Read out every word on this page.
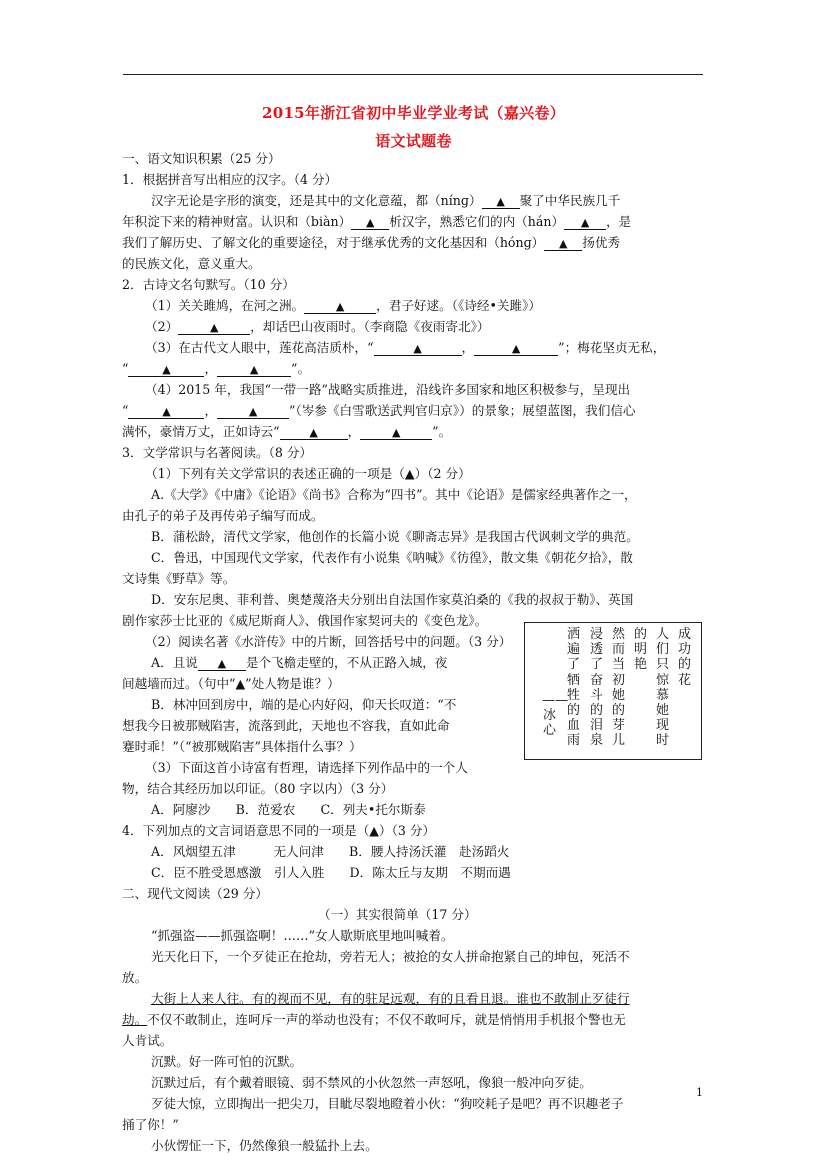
2015年浙江省初中毕业学业考试（嘉兴卷）
语文试题卷
一、语文知识积累（25 分）
1．根据拼音写出相应的汉字。（4 分）
汉字无论是字形的演变，还是其中的文化意蕴，都（nínɡ） ▲ 聚了中华民族几千
年积淀下来的精神财富。认识和（biàn） ▲ 析汉字，熟悉它们的内（hán） ▲ ，是
我们了解历史、了解文化的重要途径，对于继承优秀的文化基因和（hónɡ） ▲ 扬优秀
的民族文化，意义重大。
2．古诗文名句默写。（10 分）
（1）关关雎鸠，在河之洲。	▲	，君子好逑。（《诗经•关雎》）
（2）	▲	，却话巴山夜雨时。（李商隐《夜雨寄北》）
（3）在古代文人眼中，莲花高洁质朴，“	▲	，	▲	”；梅花坚贞无私，
“	▲	，	▲	”。
（4）2015 年，我国“一带一路”战略实质推进，沿线许多国家和地区积极参与，呈现出
“	▲	，	▲	”（岑参《白雪歌送武判官归京》）的景象；展望蓝图，我们信心
满怀，豪情万丈，正如诗云“	▲ ，	▲	”。
3．文学常识与名著阅读。（8 分）
（1）下列有关文学常识的表述正确的一项是（▲）（2 分）
A.《大学》《中庸》《论语》《尚书》合称为“四书”。其中《论语》是儒家经典著作之一，
由孔子的弟子及再传弟子编写而成。
B．蒲松龄，清代文学家，他创作的长篇小说《聊斋志异》是我国古代讽刺文学的典范。
C．鲁迅，中国现代文学家，代表作有小说集《呐喊》《彷徨》，散文集《朝花夕拾》，散
文诗集《野草》等。
D．安东尼奥、菲利普、奥楚蔑洛夫分别出自法国作家莫泊桑的《我的叔叔于勒》、英国
剧作家莎士比亚的《威尼斯商人》、俄国作家契诃夫的《变色龙》。
（2）阅读名著《水浒传》中的片断，回答括号中的问题。（3 分）
A．且说 ▲ 是个飞檐走壁的，不从正路入城，夜
间越墙而过。（句中“▲”处人物是谁？）
B．林冲回到房中，端的是心内好闷，仰天长叹道：“不
想我今日被那贼陷害，流落到此，天地也不容我，直如此命
蹇时乖！”（“被那贼陷害”具体指什么事？）
（3）下面这首小诗富有哲理，请选择下列作品中的一个人
物，结合其经历加以印证。（80 字以内）（3 分）
A．阿廖沙　　B．范爱农　　C．列夫•托尔斯泰
4．下列加点的文言词语意思不同的一项是（▲）（3 分）
A．风烟望五津　　　无人问津　　B．腰人持汤沃灌　赴汤蹈火
C．臣不胜受恩感激　引人入胜　　D．陈太丘与友期　不期而遇
二、现代文阅读（29 分）
（一）其实很简单（17 分）
“抓强盗——抓强盗啊！……”女人歇斯底里地叫喊着。
光天化日下，一个歹徒正在抢劫，旁若无人；被抢的女人拼命抱紧自己的坤包，死活不
放。
大街上人来人往。有的视而不见，有的驻足远观，有的且看且退。谁也不敢制止歹徒行
劫。不仅不敢制止，连呵斥一声的举动也没有；不仅不敢呵斥，就是悄悄用手机报个警也无
人肯试。
沉默。好一阵可怕的沉默。
沉默过后，有个戴着眼镜、弱不禁风的小伙忽然一声怒吼，像狼一般冲向歹徒。
歹徒大惊，立即掏出一把尖刀，目眦尽裂地瞪着小伙：“狗咬耗子是吧？再不识趣老子
捅了你！”
小伙愣怔一下，仍然像狼一般猛扑上去。
成功的花
人们只惊慕她现时
的明艳
然而当初她的芽儿
浸透了奋斗的泪泉
洒遍了牺牲的血雨
——冰心
1
